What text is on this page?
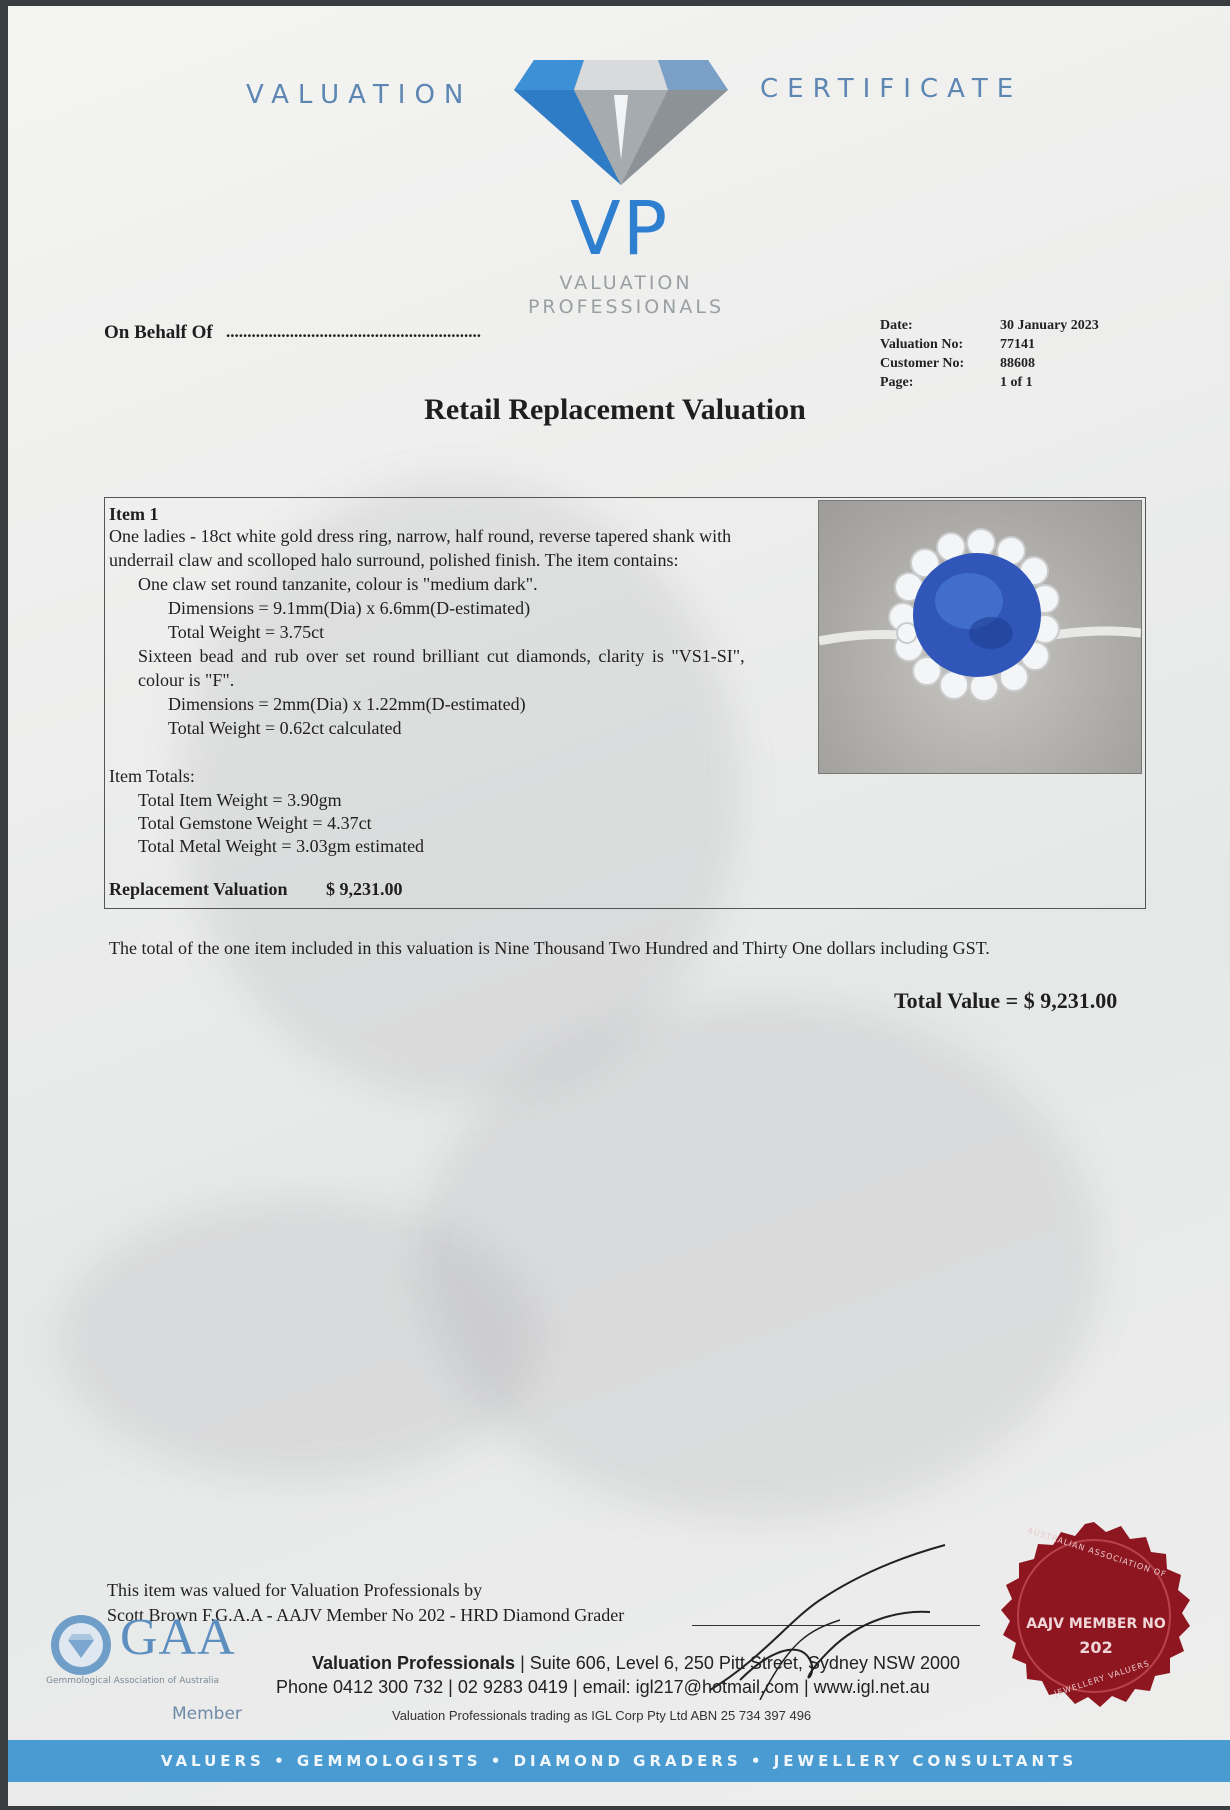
VALUATION	CERTIFICATE
VP
VALUATION
PROFESSIONALS
On Behalf Of ............................................................	Date:	30 January 2023
Valuation No:	77141
Customer No:	88608
Page:	1 of 1
Retail Replacement Valuation
Item 1
One ladies - 18ct white gold dress ring, narrow, half round, reverse tapered shank with
underrail claw and scolloped halo surround, polished finish. The item contains:
One claw set round tanzanite, colour is "medium dark".
Dimensions = 9.1mm(Dia) x 6.6mm(D-estimated)
Total Weight = 3.75ct
Sixteen bead and rub over set round brilliant cut diamonds, clarity is "VS1-SI",
colour is "F".
Dimensions = 2mm(Dia) x 1.22mm(D-estimated)
Total Weight = 0.62ct calculated
Item Totals:
Total Item Weight = 3.90gm
Total Gemstone Weight = 4.37ct
Total Metal Weight = 3.03gm estimated
Replacement Valuation $ 9,231.00
The total of the one item included in this valuation is Nine Thousand Two Hundred and Thirty One dollars including GST.
Total Value = $ 9,231.00
This item was valued for Valuation Professionals by
Scott Brown F.G.A.A - AAJV Member No 202 - HRD Diamond Grader
GAA
Gemmological Association of Australia
Member
Valuation Professionals | Suite 606, Level 6, 250 Pitt Street, Sydney NSW 2000
Phone 0412 300 732 | 02 9283 0419 | email: igl217@hotmail.com | www.igl.net.au
Valuation Professionals trading as IGL Corp Pty Ltd ABN 25 734 397 496
AUSTRALIAN ASSOCIATION OF
AAJV MEMBER NO
202
JEWELLERY VALUERS
VALUERS • GEMMOLOGISTS • DIAMOND GRADERS • JEWELLERY CONSULTANTS
